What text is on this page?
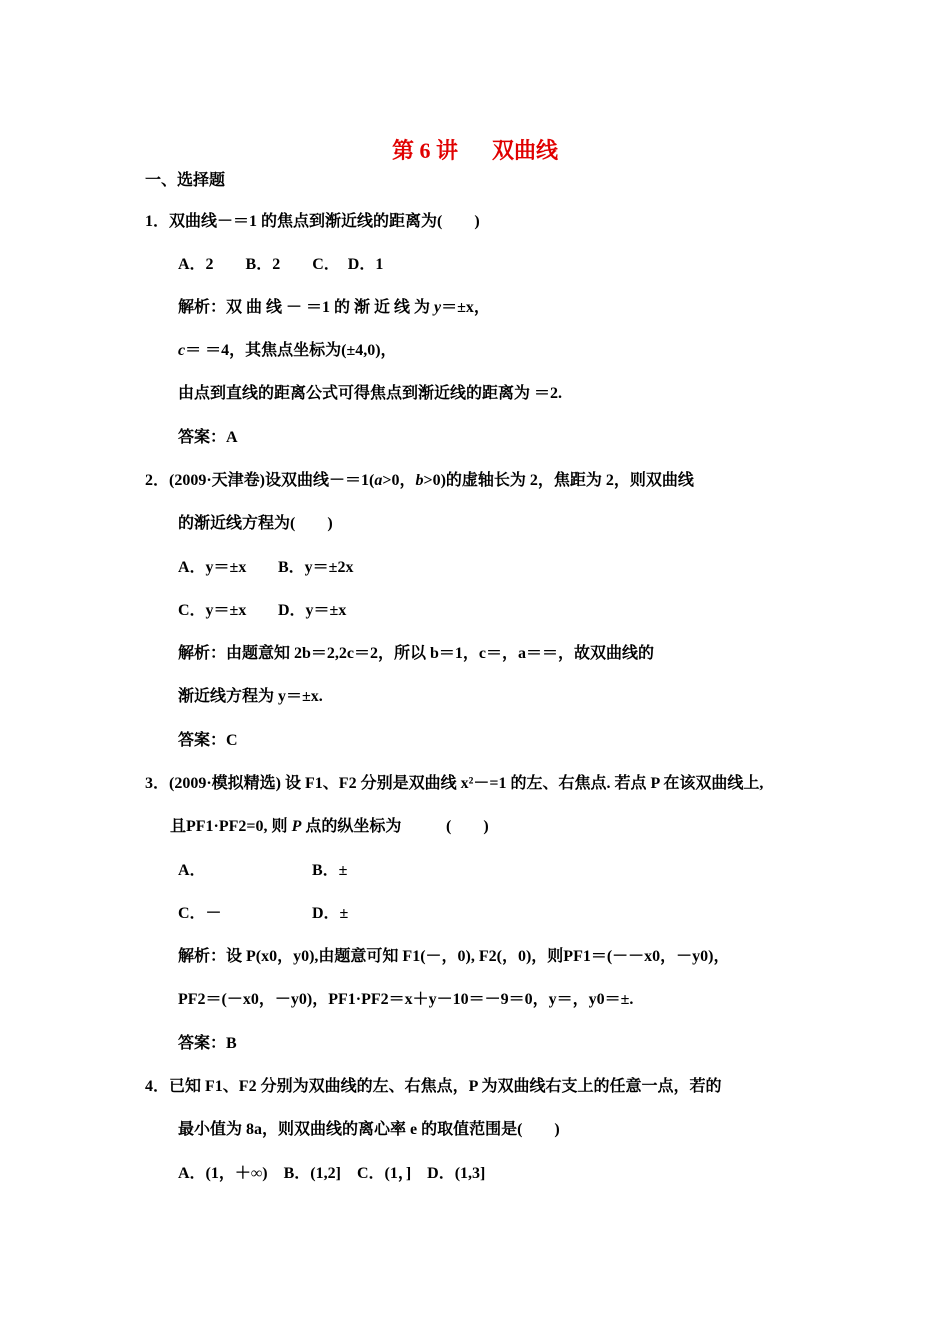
第 6 讲 双曲线
一、选择题
1．双曲线－＝1 的焦点到渐近线的距离为(　　)
A．2　　B．2　　C．　D．1
解析：双 曲 线 － ＝1 的 渐 近 线 为 y＝±x，
c＝ ＝4，其焦点坐标为(±4,0)，
由点到直线的距离公式可得焦点到渐近线的距离为 ＝2.
答案：A
2．(2009·天津卷)设双曲线－＝1(a>0，b>0)的虚轴长为 2，焦距为 2，则双曲线
的渐近线方程为(　　)
A．y＝±x B．y＝±2x
C．y＝±x D．y＝±x
解析：由题意知 2b＝2,2c＝2，所以 b＝1，c＝，a＝＝，故双曲线的
渐近线方程为 y＝±x.
答案：C
3．(2009·模拟精选) 设 F1、F2 分别是双曲线 x²－=1 的左、右焦点. 若点 P 在该双曲线上,
且PF1·PF2=0, 则 P 点的纵坐标为	(　　)
A．	B．±
C．－	D．±
解析：设 P(x0，y0),由题意可知 F1(－，0), F2(，0)，则PF1＝(－－x0，－y0)，
PF2＝(－x0，－y0)，PF1·PF2＝x＋y－10＝－9＝0，y＝，y0＝±.
答案：B
4．已知 F1、F2 分别为双曲线的左、右焦点，P 为双曲线右支上的任意一点，若的
最小值为 8a，则双曲线的离心率 e 的取值范围是(　　)
A．(1，＋∞)　B．(1,2]　C．(1，]　D．(1,3]
